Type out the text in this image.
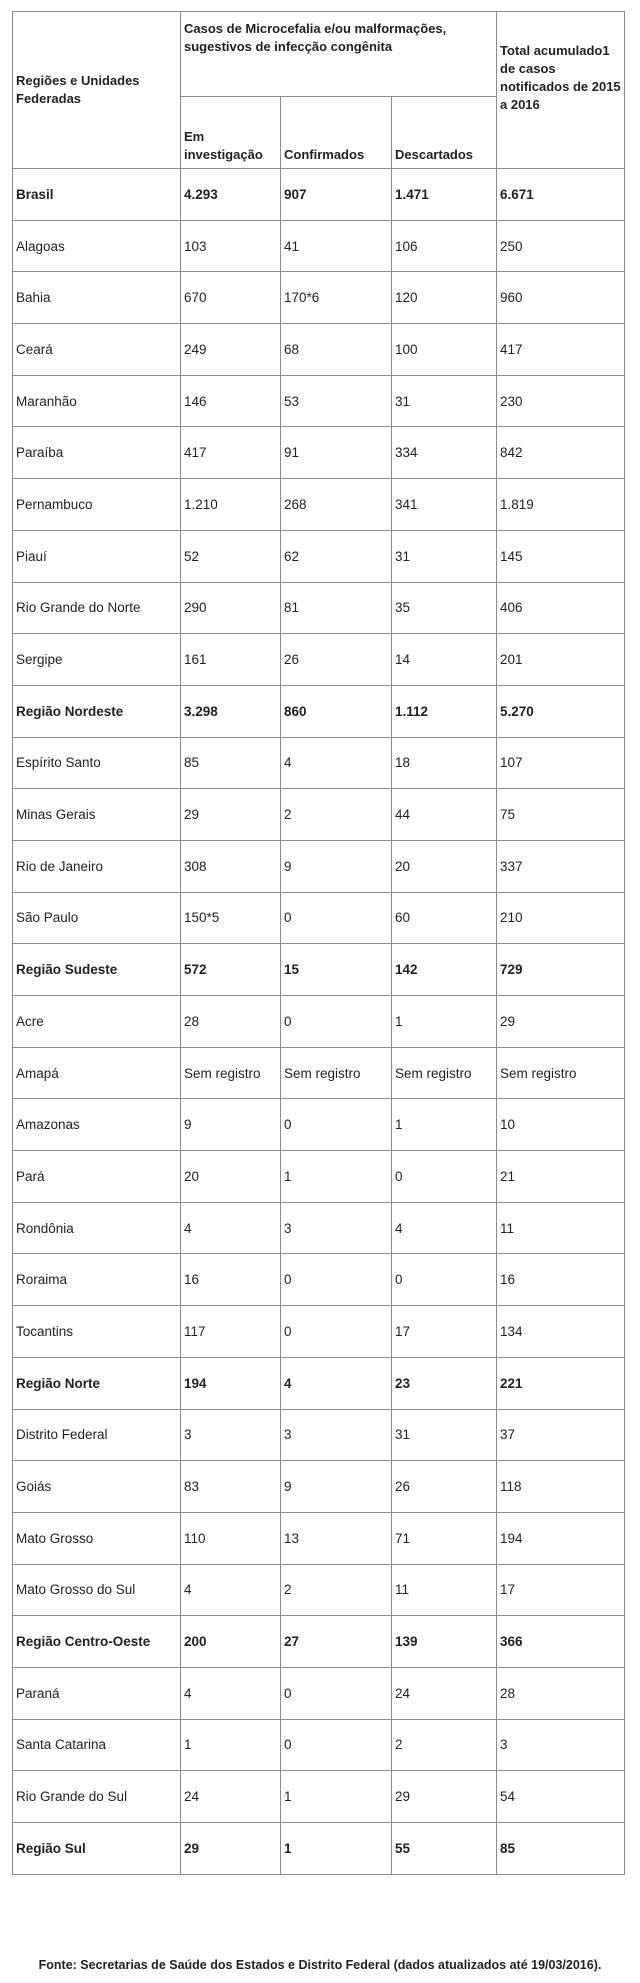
Regiões e Unidades Federadas	Casos de Microcefalia e/ou malformações, sugestivos de infecção congênita			Total acumulado1 de casos notificados de 2015 a 2016
	Em investigação	Confirmados	Descartados	
Brasil	4.293	907	1.471	6.671
Alagoas	103	41	106	250
Bahia	670	170*6	120	960
Ceará	249	68	100	417
Maranhão	146	53	31	230
Paraíba	417	91	334	842
Pernambuco	1.210	268	341	1.819
Piauí	52	62	31	145
Rio Grande do Norte	290	81	35	406
Sergipe	161	26	14	201
Região Nordeste	3.298	860	1.112	5.270
Espírito Santo	85	4	18	107
Minas Gerais	29	2	44	75
Rio de Janeiro	308	9	20	337
São Paulo	150*5	0	60	210
Região Sudeste	572	15	142	729
Acre	28	0	1	29
Amapá	Sem registro	Sem registro	Sem registro	Sem registro
Amazonas	9	0	1	10
Pará	20	1	0	21
Rondônia	4	3	4	11
Roraima	16	0	0	16
Tocantins	117	0	17	134
Região Norte	194	4	23	221
Distrito Federal	3	3	31	37
Goiás	83	9	26	118
Mato Grosso	110	13	71	194
Mato Grosso do Sul	4	2	11	17
Região Centro-Oeste	200	27	139	366
Paraná	4	0	24	28
Santa Catarina	1	0	2	3
Rio Grande do Sul	24	1	29	54
Região Sul	29	1	55	85
Fonte: Secretarias de Saúde dos Estados e Distrito Federal (dados atualizados até 19/03/2016).
